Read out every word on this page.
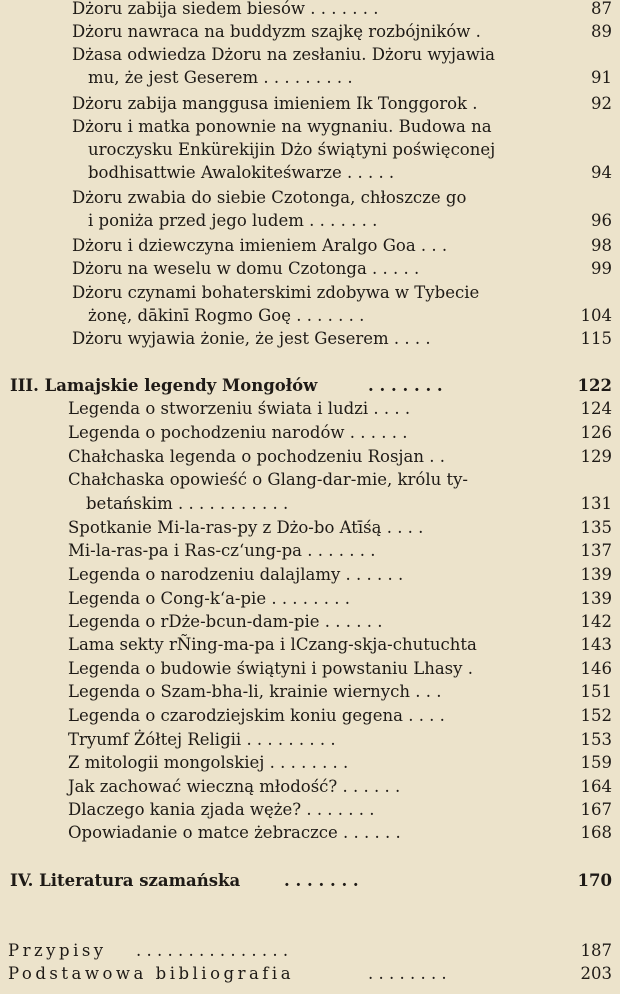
Dżoru zabija siedem biesów . . . . . . .	87
Dżoru nawraca na buddyzm szajkę rozbójników .	89
Dżasa odwiedza Dżoru na zesłaniu. Dżoru wyjawia
mu, że jest Geserem . . . . . . . . .	91
Dżoru zabija manggusa imieniem Ik Tonggorok .	92
Dżoru i matka ponownie na wygnaniu. Budowa na
uroczysku Enkürekijin Dżo świątyni poświęconej
bodhisattwie Awalokiteśwarze . . . . .	94
Dżoru zwabia do siebie Czotonga, chłoszcze go
i poniża przed jego ludem . . . . . . .	96
Dżoru i dziewczyna imieniem Aralgo Goa . . .	98
Dżoru na weselu w domu Czotonga . . . . .	99
Dżoru czynami bohaterskimi zdobywa w Tybecie
żonę, dākinī Rogmo Goę . . . . . . .	104
Dżoru wyjawia żonie, że jest Geserem . . . .	115
III. Lamajskie legendy Mongołów	. . . . . . .	122
Legenda o stworzeniu świata i ludzi . . . .	124
Legenda o pochodzeniu narodów . . . . . .	126
Chałchaska legenda o pochodzeniu Rosjan . .	129
Chałchaska opowieść o Glang-dar-mie, królu ty-
betańskim . . . . . . . . . . .	131
Spotkanie Mi-la-ras-py z Dżo-bo Atīśą . . . .	135
Mi-la-ras-pa i Ras-cz‘ung-pa . . . . . . .	137
Legenda o narodzeniu dalajlamy . . . . . .	139
Legenda o Cong-k‘a-pie . . . . . . . .	139
Legenda o rDże-bcun-dam-pie . . . . . .	142
Lama sekty rÑing-ma-pa i lCzang-skja-chutuchta	143
Legenda o budowie świątyni i powstaniu Lhasy .	146
Legenda o Szam-bha-li, krainie wiernych . . .	151
Legenda o czarodziejskim koniu gegena . . . .	152
Tryumf Żółtej Religii . . . . . . . . .	153
Z mitologii mongolskiej . . . . . . . .	159
Jak zachować wieczną młodość? . . . . . .	164
Dlaczego kania zjada węże? . . . . . . .	167
Opowiadanie o matce żebraczce . . . . . .	168
IV. Literatura szamańska	. . . . . . .	170
Przypisy . . . . . . . . . . . . . . .	187
Podstawowa bibliografia	. . . . . . . .	203
